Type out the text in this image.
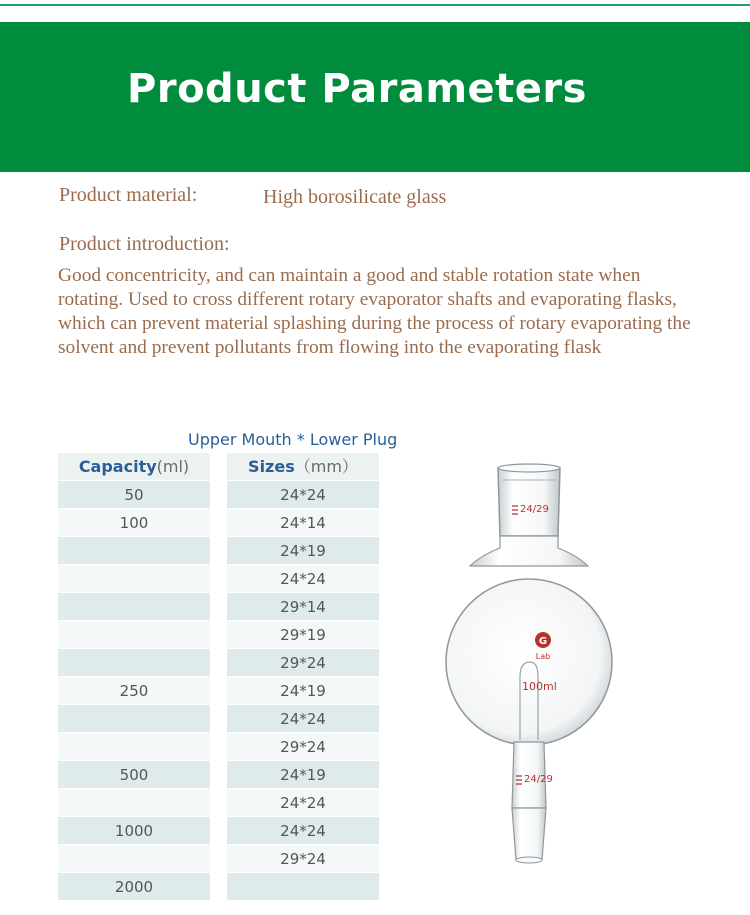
Product Parameters
Product material:	High borosilicate glass
Product introduction:
Good concentricity, and can maintain a good and stable rotation state when rotating. Used to cross different rotary evaporator shafts and evaporating flasks, which can prevent material splashing during the process of rotary evaporating the solvent and prevent pollutants from flowing into the evaporating flask
Upper Mouth * Lower Plug
Capacity(ml)
50
100
250
500
1000
2000
Sizes（mm）
24*24
24*14
24*19
24*24
29*14
29*19
29*24
24*19
24*24
29*24
24*19
24*24
24*24
29*24
24/29
24/29
G
Lab
100ml
